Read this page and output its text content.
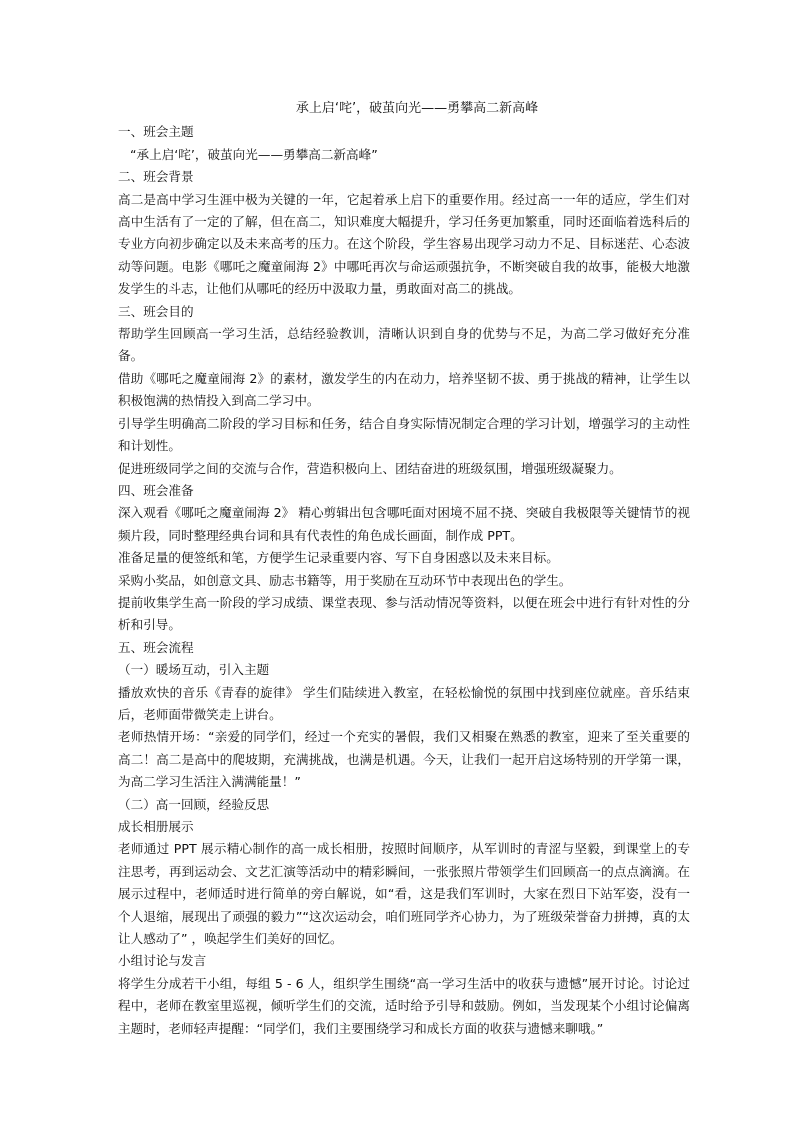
承上启‘咤’，破茧向光——勇攀高二新高峰
一、班会主题
“承上启‘咤’，破茧向光——勇攀高二新高峰”
二、班会背景
高二是高中学习生涯中极为关键的一年，它起着承上启下的重要作用。经过高一一年的适应，学生们对高中生活有了一定的了解，但在高二，知识难度大幅提升，学习任务更加繁重，同时还面临着选科后的专业方向初步确定以及未来高考的压力。在这个阶段，学生容易出现学习动力不足、目标迷茫、心态波动等问题。电影《哪吒之魔童闹海 2》中哪吒再次与命运顽强抗争，不断突破自我的故事，能极大地激发学生的斗志，让他们从哪吒的经历中汲取力量，勇敢面对高二的挑战。
三、班会目的
帮助学生回顾高一学习生活，总结经验教训，清晰认识到自身的优势与不足，为高二学习做好充分准备。
借助《哪吒之魔童闹海 2》的素材，激发学生的内在动力，培养坚韧不拔、勇于挑战的精神，让学生以积极饱满的热情投入到高二学习中。
引导学生明确高二阶段的学习目标和任务，结合自身实际情况制定合理的学习计划，增强学习的主动性和计划性。
促进班级同学之间的交流与合作，营造积极向上、团结奋进的班级氛围，增强班级凝聚力。
四、班会准备
深入观看《哪吒之魔童闹海 2》 精心剪辑出包含哪吒面对困境不屈不挠、突破自我极限等关键情节的视频片段，同时整理经典台词和具有代表性的角色成长画面，制作成 PPT。
准备足量的便签纸和笔，方便学生记录重要内容、写下自身困惑以及未来目标。
采购小奖品，如创意文具、励志书籍等，用于奖励在互动环节中表现出色的学生。
提前收集学生高一阶段的学习成绩、课堂表现、参与活动情况等资料，以便在班会中进行有针对性的分析和引导。
五、班会流程
（一）暖场互动，引入主题
播放欢快的音乐《青春的旋律》 学生们陆续进入教室，在轻松愉悦的氛围中找到座位就座。音乐结束后，老师面带微笑走上讲台。
老师热情开场：“亲爱的同学们，经过一个充实的暑假，我们又相聚在熟悉的教室，迎来了至关重要的高二！高二是高中的爬坡期，充满挑战，也满是机遇。今天，让我们一起开启这场特别的开学第一课，为高二学习生活注入满满能量！”
（二）高一回顾，经验反思
成长相册展示
老师通过 PPT 展示精心制作的高一成长相册，按照时间顺序，从军训时的青涩与坚毅，到课堂上的专注思考，再到运动会、文艺汇演等活动中的精彩瞬间，一张张照片带领学生们回顾高一的点点滴滴。在展示过程中，老师适时进行简单的旁白解说，如“看，这是我们军训时，大家在烈日下站军姿，没有一个人退缩，展现出了顽强的毅力”“这次运动会，咱们班同学齐心协力，为了班级荣誉奋力拼搏，真的太让人感动了” ，唤起学生们美好的回忆。
小组讨论与发言
将学生分成若干小组，每组 5 - 6 人，组织学生围绕“高一学习生活中的收获与遗憾”展开讨论。讨论过程中，老师在教室里巡视，倾听学生们的交流，适时给予引导和鼓励。例如，当发现某个小组讨论偏离主题时，老师轻声提醒：“同学们，我们主要围绕学习和成长方面的收获与遗憾来聊哦。”
